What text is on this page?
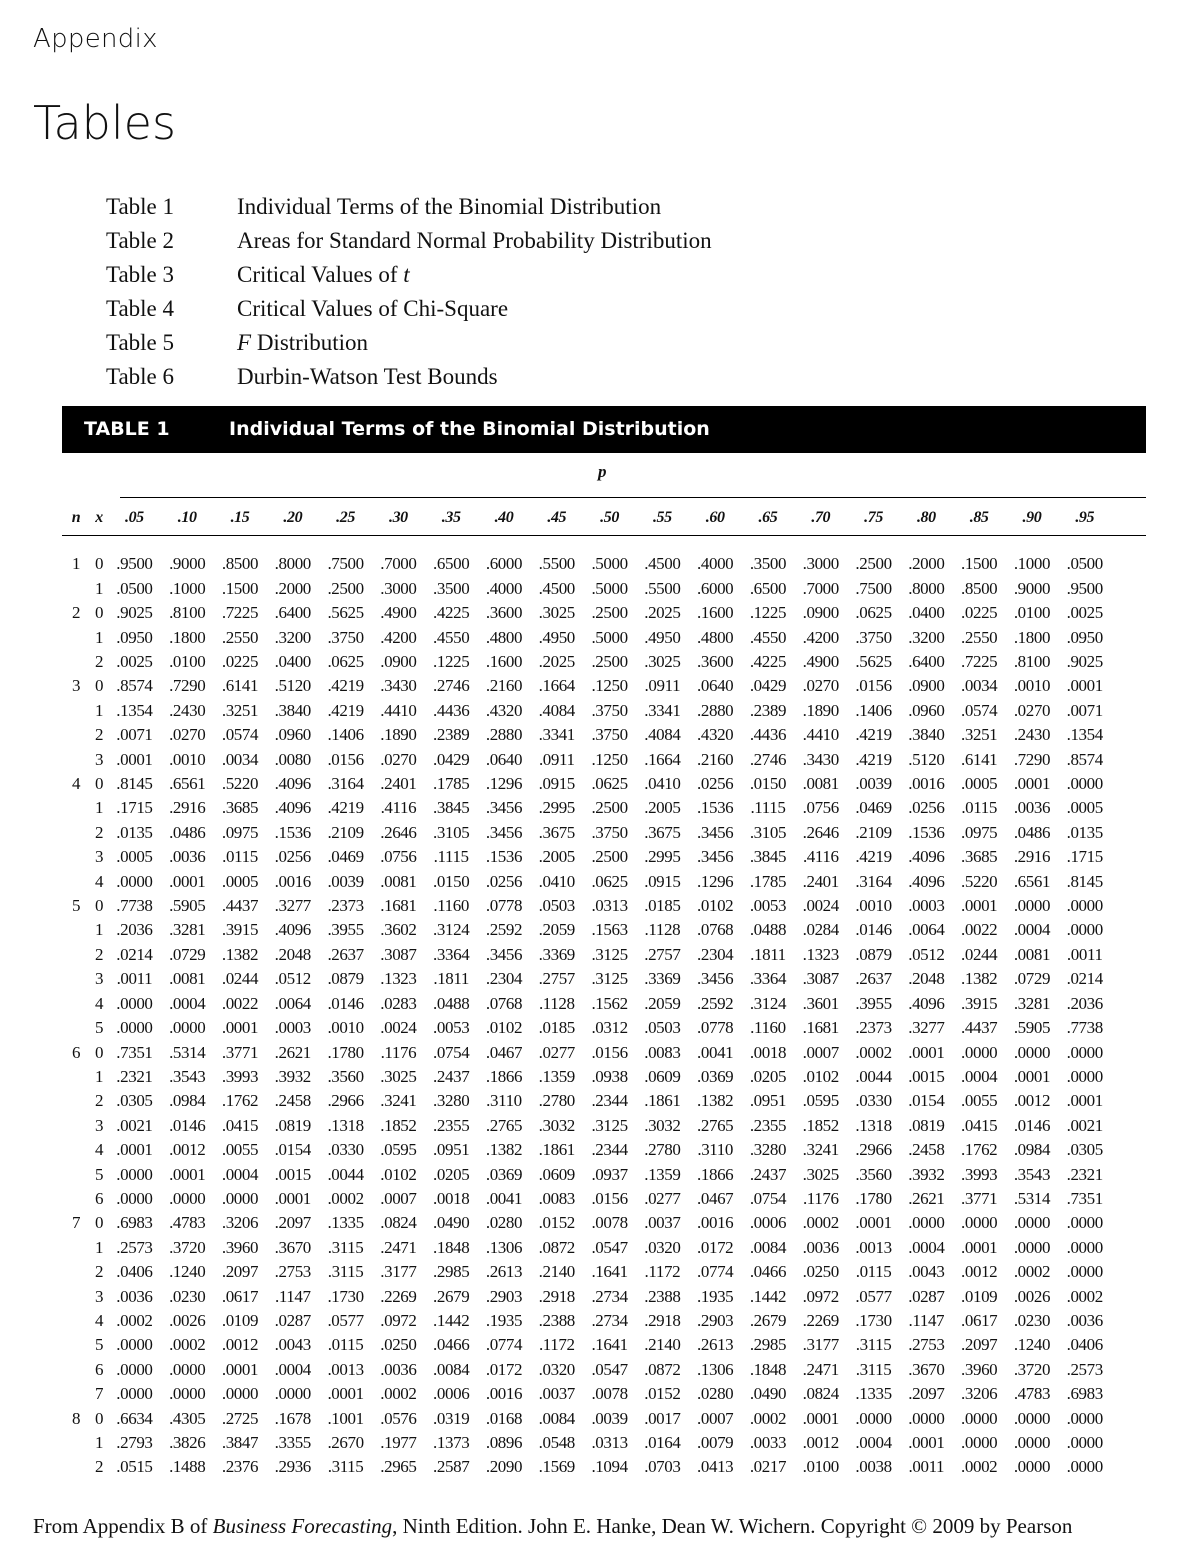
Appendix
Tables
Table 1	Individual Terms of the Binomial Distribution
Table 2	Areas for Standard Normal Probability Distribution
Table 3	Critical Values of t
Table 4	Critical Values of Chi-Square
Table 5	F Distribution
Table 6	Durbin-Watson Test Bounds
TABLE 1	Individual Terms of the Binomial Distribution
p
n	x	.05	.10	.15	.20	.25	.30	.35	.40	.45	.50	.55	.60	.65	.70	.75	.80	.85	.90	.95

1	0	.9500	.9000	.8500	.8000	.7500	.7000	.6500	.6000	.5500	.5000	.4500	.4000	.3500	.3000	.2500	.2000	.1500	.1000	.0500
	1	.0500	.1000	.1500	.2000	.2500	.3000	.3500	.4000	.4500	.5000	.5500	.6000	.6500	.7000	.7500	.8000	.8500	.9000	.9500
2	0	.9025	.8100	.7225	.6400	.5625	.4900	.4225	.3600	.3025	.2500	.2025	.1600	.1225	.0900	.0625	.0400	.0225	.0100	.0025
	1	.0950	.1800	.2550	.3200	.3750	.4200	.4550	.4800	.4950	.5000	.4950	.4800	.4550	.4200	.3750	.3200	.2550	.1800	.0950
	2	.0025	.0100	.0225	.0400	.0625	.0900	.1225	.1600	.2025	.2500	.3025	.3600	.4225	.4900	.5625	.6400	.7225	.8100	.9025
3	0	.8574	.7290	.6141	.5120	.4219	.3430	.2746	.2160	.1664	.1250	.0911	.0640	.0429	.0270	.0156	.0900	.0034	.0010	.0001
	1	.1354	.2430	.3251	.3840	.4219	.4410	.4436	.4320	.4084	.3750	.3341	.2880	.2389	.1890	.1406	.0960	.0574	.0270	.0071
	2	.0071	.0270	.0574	.0960	.1406	.1890	.2389	.2880	.3341	.3750	.4084	.4320	.4436	.4410	.4219	.3840	.3251	.2430	.1354
	3	.0001	.0010	.0034	.0080	.0156	.0270	.0429	.0640	.0911	.1250	.1664	.2160	.2746	.3430	.4219	.5120	.6141	.7290	.8574
4	0	.8145	.6561	.5220	.4096	.3164	.2401	.1785	.1296	.0915	.0625	.0410	.0256	.0150	.0081	.0039	.0016	.0005	.0001	.0000
	1	.1715	.2916	.3685	.4096	.4219	.4116	.3845	.3456	.2995	.2500	.2005	.1536	.1115	.0756	.0469	.0256	.0115	.0036	.0005
	2	.0135	.0486	.0975	.1536	.2109	.2646	.3105	.3456	.3675	.3750	.3675	.3456	.3105	.2646	.2109	.1536	.0975	.0486	.0135
	3	.0005	.0036	.0115	.0256	.0469	.0756	.1115	.1536	.2005	.2500	.2995	.3456	.3845	.4116	.4219	.4096	.3685	.2916	.1715
	4	.0000	.0001	.0005	.0016	.0039	.0081	.0150	.0256	.0410	.0625	.0915	.1296	.1785	.2401	.3164	.4096	.5220	.6561	.8145
5	0	.7738	.5905	.4437	.3277	.2373	.1681	.1160	.0778	.0503	.0313	.0185	.0102	.0053	.0024	.0010	.0003	.0001	.0000	.0000
	1	.2036	.3281	.3915	.4096	.3955	.3602	.3124	.2592	.2059	.1563	.1128	.0768	.0488	.0284	.0146	.0064	.0022	.0004	.0000
	2	.0214	.0729	.1382	.2048	.2637	.3087	.3364	.3456	.3369	.3125	.2757	.2304	.1811	.1323	.0879	.0512	.0244	.0081	.0011
	3	.0011	.0081	.0244	.0512	.0879	.1323	.1811	.2304	.2757	.3125	.3369	.3456	.3364	.3087	.2637	.2048	.1382	.0729	.0214
	4	.0000	.0004	.0022	.0064	.0146	.0283	.0488	.0768	.1128	.1562	.2059	.2592	.3124	.3601	.3955	.4096	.3915	.3281	.2036
	5	.0000	.0000	.0001	.0003	.0010	.0024	.0053	.0102	.0185	.0312	.0503	.0778	.1160	.1681	.2373	.3277	.4437	.5905	.7738
6	0	.7351	.5314	.3771	.2621	.1780	.1176	.0754	.0467	.0277	.0156	.0083	.0041	.0018	.0007	.0002	.0001	.0000	.0000	.0000
	1	.2321	.3543	.3993	.3932	.3560	.3025	.2437	.1866	.1359	.0938	.0609	.0369	.0205	.0102	.0044	.0015	.0004	.0001	.0000
	2	.0305	.0984	.1762	.2458	.2966	.3241	.3280	.3110	.2780	.2344	.1861	.1382	.0951	.0595	.0330	.0154	.0055	.0012	.0001
	3	.0021	.0146	.0415	.0819	.1318	.1852	.2355	.2765	.3032	.3125	.3032	.2765	.2355	.1852	.1318	.0819	.0415	.0146	.0021
	4	.0001	.0012	.0055	.0154	.0330	.0595	.0951	.1382	.1861	.2344	.2780	.3110	.3280	.3241	.2966	.2458	.1762	.0984	.0305
	5	.0000	.0001	.0004	.0015	.0044	.0102	.0205	.0369	.0609	.0937	.1359	.1866	.2437	.3025	.3560	.3932	.3993	.3543	.2321
	6	.0000	.0000	.0000	.0001	.0002	.0007	.0018	.0041	.0083	.0156	.0277	.0467	.0754	.1176	.1780	.2621	.3771	.5314	.7351
7	0	.6983	.4783	.3206	.2097	.1335	.0824	.0490	.0280	.0152	.0078	.0037	.0016	.0006	.0002	.0001	.0000	.0000	.0000	.0000
	1	.2573	.3720	.3960	.3670	.3115	.2471	.1848	.1306	.0872	.0547	.0320	.0172	.0084	.0036	.0013	.0004	.0001	.0000	.0000
	2	.0406	.1240	.2097	.2753	.3115	.3177	.2985	.2613	.2140	.1641	.1172	.0774	.0466	.0250	.0115	.0043	.0012	.0002	.0000
	3	.0036	.0230	.0617	.1147	.1730	.2269	.2679	.2903	.2918	.2734	.2388	.1935	.1442	.0972	.0577	.0287	.0109	.0026	.0002
	4	.0002	.0026	.0109	.0287	.0577	.0972	.1442	.1935	.2388	.2734	.2918	.2903	.2679	.2269	.1730	.1147	.0617	.0230	.0036
	5	.0000	.0002	.0012	.0043	.0115	.0250	.0466	.0774	.1172	.1641	.2140	.2613	.2985	.3177	.3115	.2753	.2097	.1240	.0406
	6	.0000	.0000	.0001	.0004	.0013	.0036	.0084	.0172	.0320	.0547	.0872	.1306	.1848	.2471	.3115	.3670	.3960	.3720	.2573
	7	.0000	.0000	.0000	.0000	.0001	.0002	.0006	.0016	.0037	.0078	.0152	.0280	.0490	.0824	.1335	.2097	.3206	.4783	.6983
8	0	.6634	.4305	.2725	.1678	.1001	.0576	.0319	.0168	.0084	.0039	.0017	.0007	.0002	.0001	.0000	.0000	.0000	.0000	.0000
	1	.2793	.3826	.3847	.3355	.2670	.1977	.1373	.0896	.0548	.0313	.0164	.0079	.0033	.0012	.0004	.0001	.0000	.0000	.0000
	2	.0515	.1488	.2376	.2936	.3115	.2965	.2587	.2090	.1569	.1094	.0703	.0413	.0217	.0100	.0038	.0011	.0002	.0000	.0000
From Appendix B of Business Forecasting, Ninth Edition. John E. Hanke, Dean W. Wichern. Copyright © 2009 by Pearson
